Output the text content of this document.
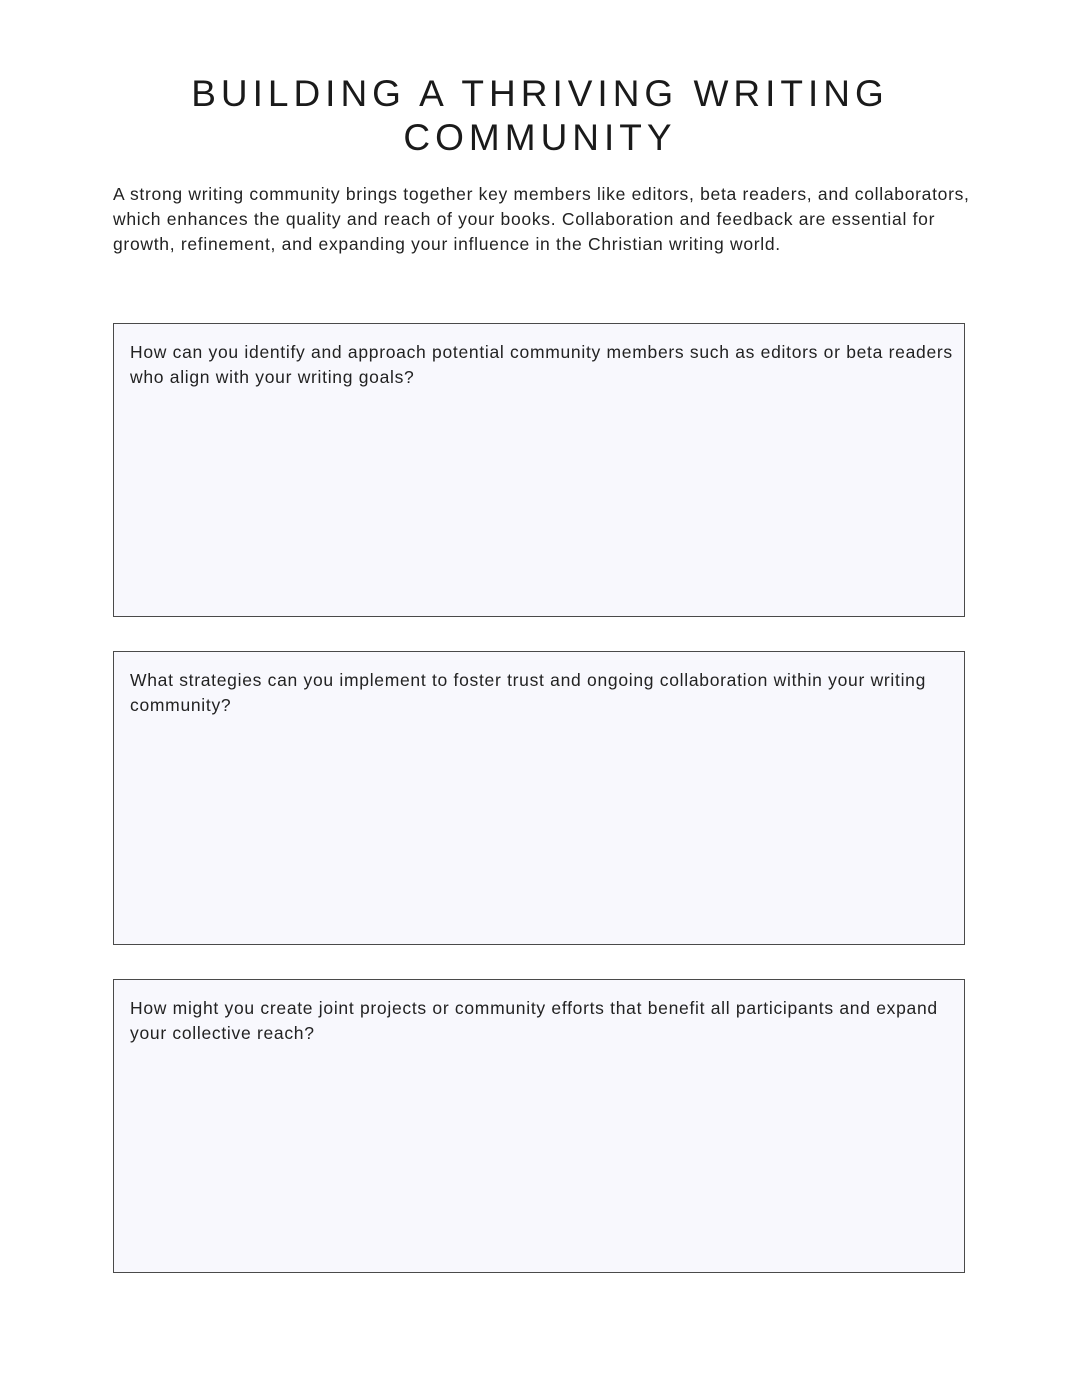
BUILDING A THRIVING WRITING COMMUNITY

A strong writing community brings together key members like editors, beta readers, and collaborators, which enhances the quality and reach of your books. Collaboration and feedback are essential for growth, refinement, and expanding your influence in the Christian writing world.

How can you identify and approach potential community members such as editors or beta readers who align with your writing goals?

What strategies can you implement to foster trust and ongoing collaboration within your writing community?

How might you create joint projects or community efforts that benefit all participants and expand your collective reach?
